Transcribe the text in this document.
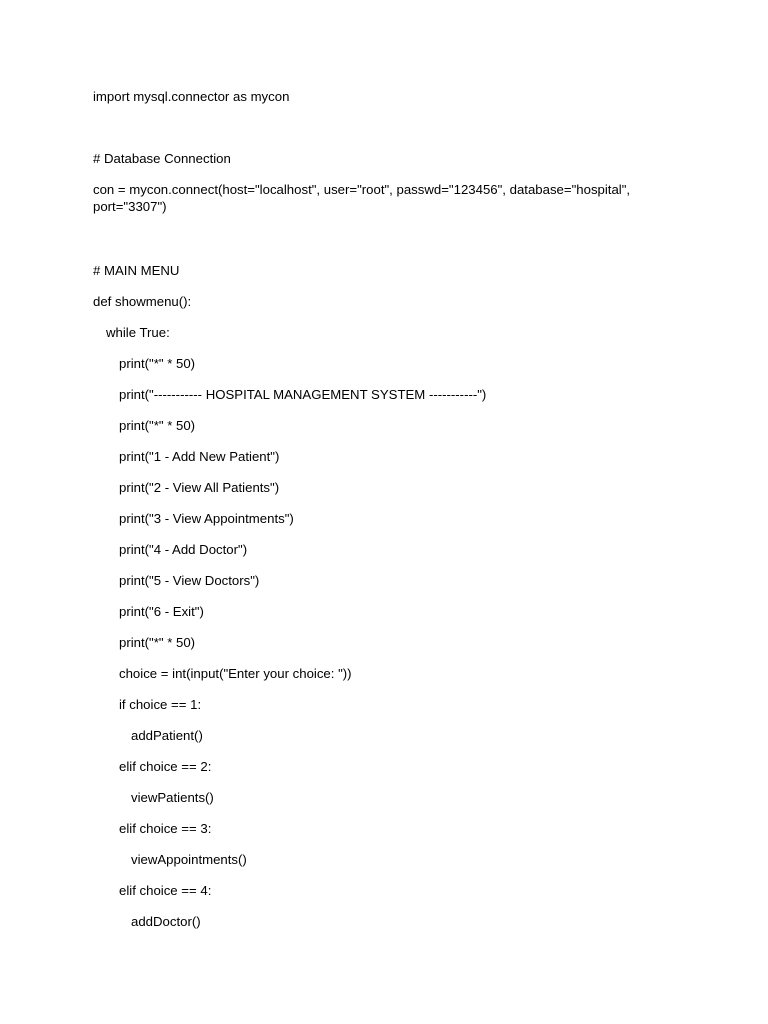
import mysql.connector as mycon
# Database Connection
con = mycon.connect(host="localhost", user="root", passwd="123456", database="hospital", port="3307")
# MAIN MENU
def showmenu():
while True:
print("*" * 50)
print("----------- HOSPITAL MANAGEMENT SYSTEM -----------")
print("*" * 50)
print("1 - Add New Patient")
print("2 - View All Patients")
print("3 - View Appointments")
print("4 - Add Doctor")
print("5 - View Doctors")
print("6 - Exit")
print("*" * 50)
choice = int(input("Enter your choice: "))
if choice == 1:
addPatient()
elif choice == 2:
viewPatients()
elif choice == 3:
viewAppointments()
elif choice == 4:
addDoctor()
